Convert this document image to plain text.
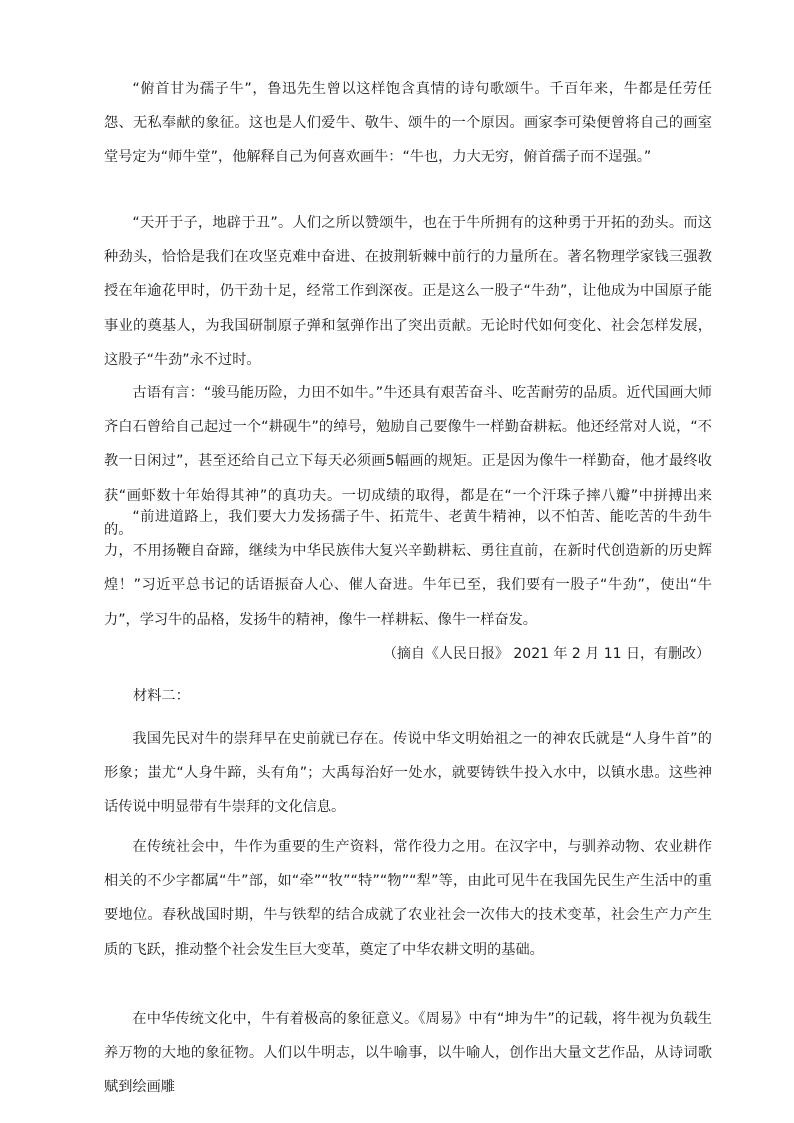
“俯首甘为孺子牛”，鲁迅先生曾以这样饱含真情的诗句歌颂牛。千百年来，牛都是任劳任怨、无私奉献的象征。这也是人们爱牛、敬牛、颂牛的一个原因。画家李可染便曾将自己的画室堂号定为“师牛堂”，他解释自己为何喜欢画牛：“牛也，力大无穷，俯首孺子而不逞强。”

“天开于子，地辟于丑”。人们之所以赞颂牛，也在于牛所拥有的这种勇于开拓的劲头。而这种劲头，恰恰是我们在攻坚克难中奋进、在披荆斩棘中前行的力量所在。著名物理学家钱三强教授在年逾花甲时，仍干劲十足，经常工作到深夜。正是这么一股子“牛劲”，让他成为中国原子能事业的奠基人，为我国研制原子弹和氢弹作出了突出贡献。无论时代如何变化、社会怎样发展，这股子“牛劲”永不过时。

古语有言：“骏马能历险，力田不如牛。”牛还具有艰苦奋斗、吃苦耐劳的品质。近代国画大师齐白石曾给自己起过一个“耕砚牛”的绰号，勉励自己要像牛一样勤奋耕耘。他还经常对人说，“不教一日闲过”，甚至还给自己立下每天必须画5幅画的规矩。正是因为像牛一样勤奋，他才最终收获“画虾数十年始得其神”的真功夫。一切成绩的取得，都是在“一个汗珠子摔八瓣”中拼搏出来的。

“前进道路上，我们要大力发扬孺子牛、拓荒牛、老黄牛精神，以不怕苦、能吃苦的牛劲牛力，不用扬鞭自奋蹄，继续为中华民族伟大复兴辛勤耕耘、勇往直前，在新时代创造新的历史辉煌！”习近平总书记的话语振奋人心、催人奋进。牛年已至，我们要有一股子“牛劲”，使出“牛力”，学习牛的品格，发扬牛的精神，像牛一样耕耘、像牛一样奋发。

（摘自《人民日报》 2021 年 2 月 11 日，有删改）

材料二：

我国先民对牛的崇拜早在史前就已存在。传说中华文明始祖之一的神农氏就是“人身牛首”的形象；蚩尤“人身牛蹄，头有角”；大禹每治好一处水，就要铸铁牛投入水中，以镇水患。这些神话传说中明显带有牛崇拜的文化信息。

在传统社会中，牛作为重要的生产资料，常作役力之用。在汉字中，与驯养动物、农业耕作相关的不少字都属“牛”部，如“牵”“牧”“特”“物”“犁”等，由此可见牛在我国先民生产生活中的重要地位。春秋战国时期，牛与铁犁的结合成就了农业社会一次伟大的技术变革，社会生产力产生质的飞跃，推动整个社会发生巨大变革，奠定了中华农耕文明的基础。

在中华传统文化中，牛有着极高的象征意义。《周易》中有“坤为牛”的记载，将牛视为负载生养万物的大地的象征物。人们以牛明志，以牛喻事，以牛喻人，创作出大量文艺作品，从诗词歌赋到绘画雕
